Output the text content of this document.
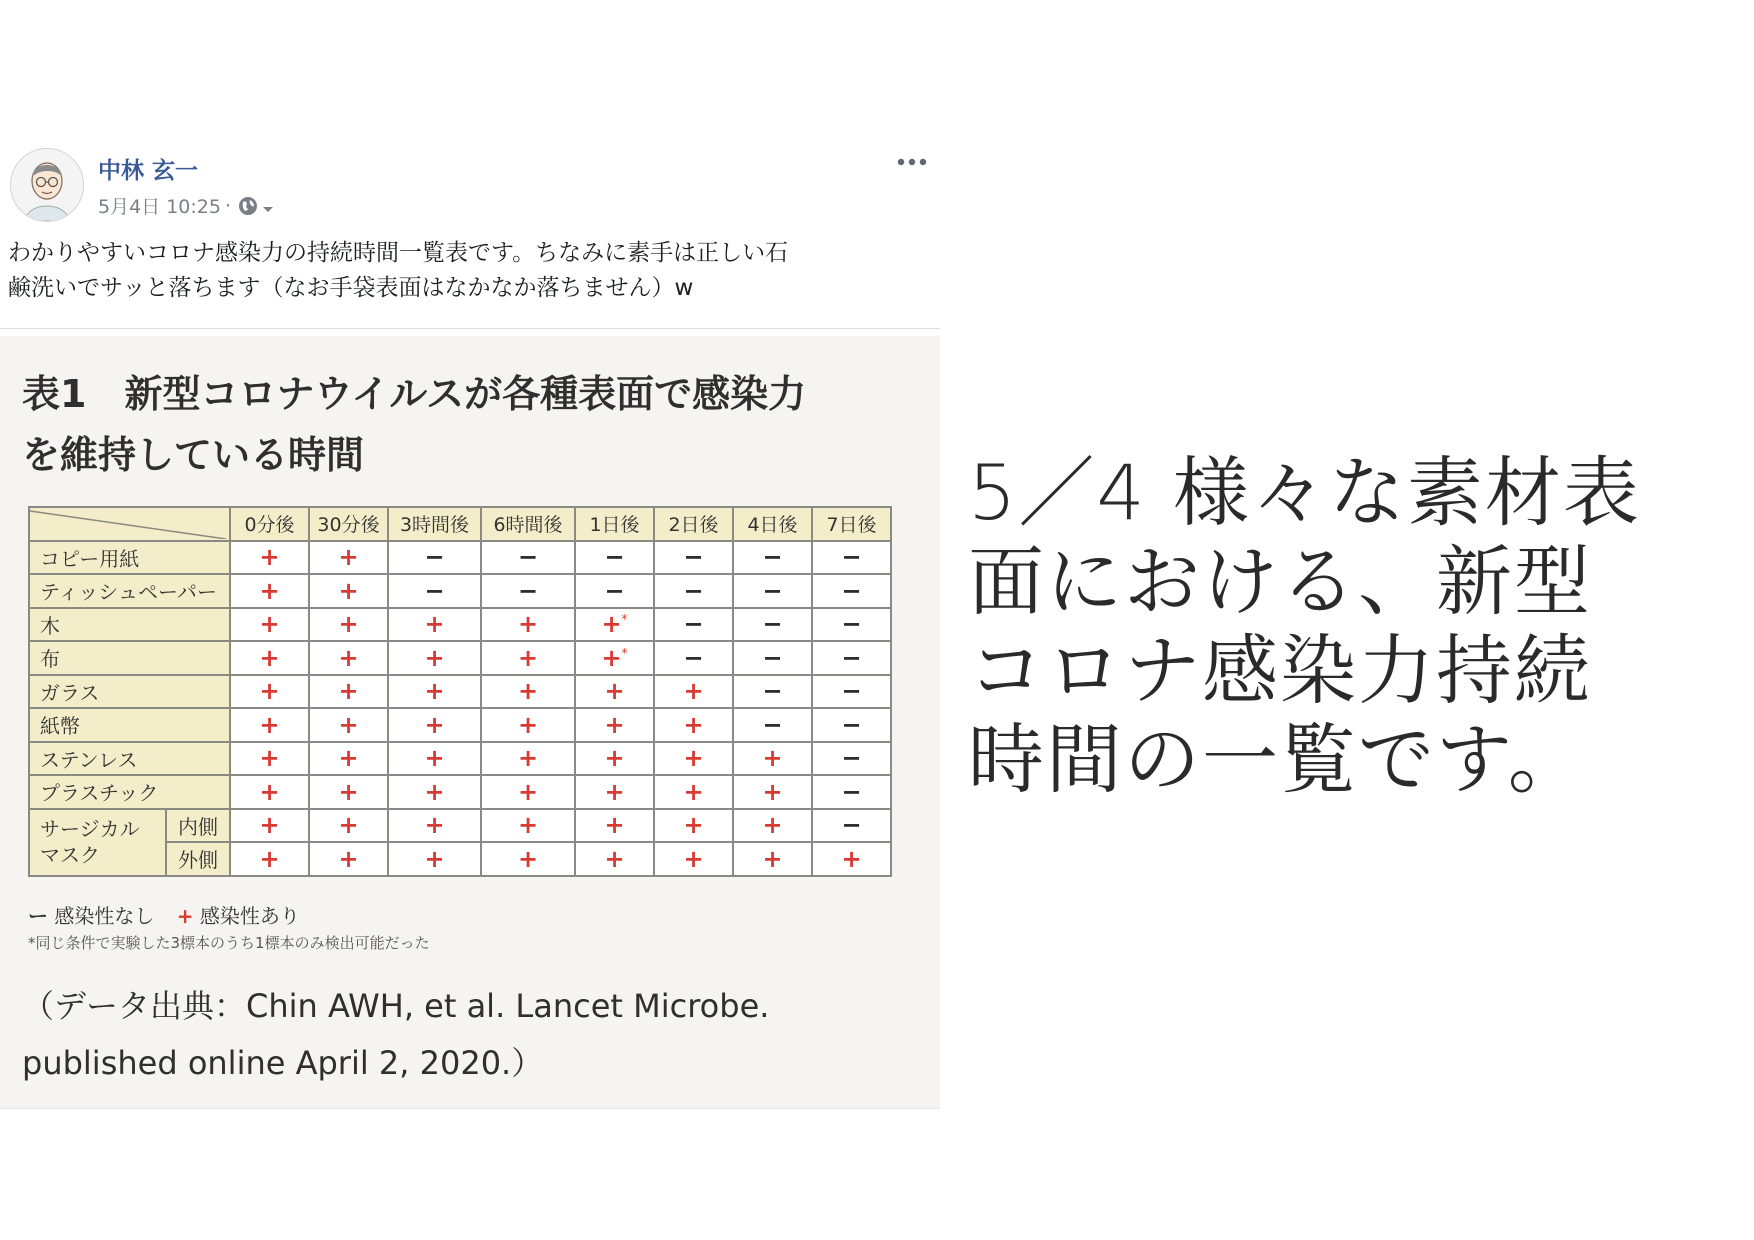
中林 玄一
5月4日 10:25 ·
わかりやすいコロナ感染力の持続時間一覧表です。ちなみに素手は正しい石
鹸洗いでサッと落ちます（なお手袋表面はなかなか落ちません）w
表1　新型コロナウイルスが各種表面で感染力
を維持している時間
	0分後	30分後	3時間後	6時間後	1日後	2日後	4日後	7日後
コピー用紙		+	+	−	−	−	−	−	−
ティッシュペーパー		+	+	−	−	−	−	−	−
木		+	+	+	+	+*	−	−	−
布		+	+	+	+	+*	−	−	−
ガラス		+	+	+	+	+	+	−	−
紙幣		+	+	+	+	+	+	−	−
ステンレス		+	+	+	+	+	+	+	−
プラスチック		+	+	+	+	+	+	+	−

サージカル
マスク	内側	+	+	+	+	+	+	+	−
	外側	+	+	+	+	+	+	+	+
ー 感染性なし + 感染性あり
*同じ条件で実験した3標本のうち1標本のみ検出可能だった
（データ出典：Chin AWH, et al. Lancet Microbe.
published online April 2, 2020.）
5／4 様々な素材表
面における、新型
コロナ感染力持続
時間の一覧です。
